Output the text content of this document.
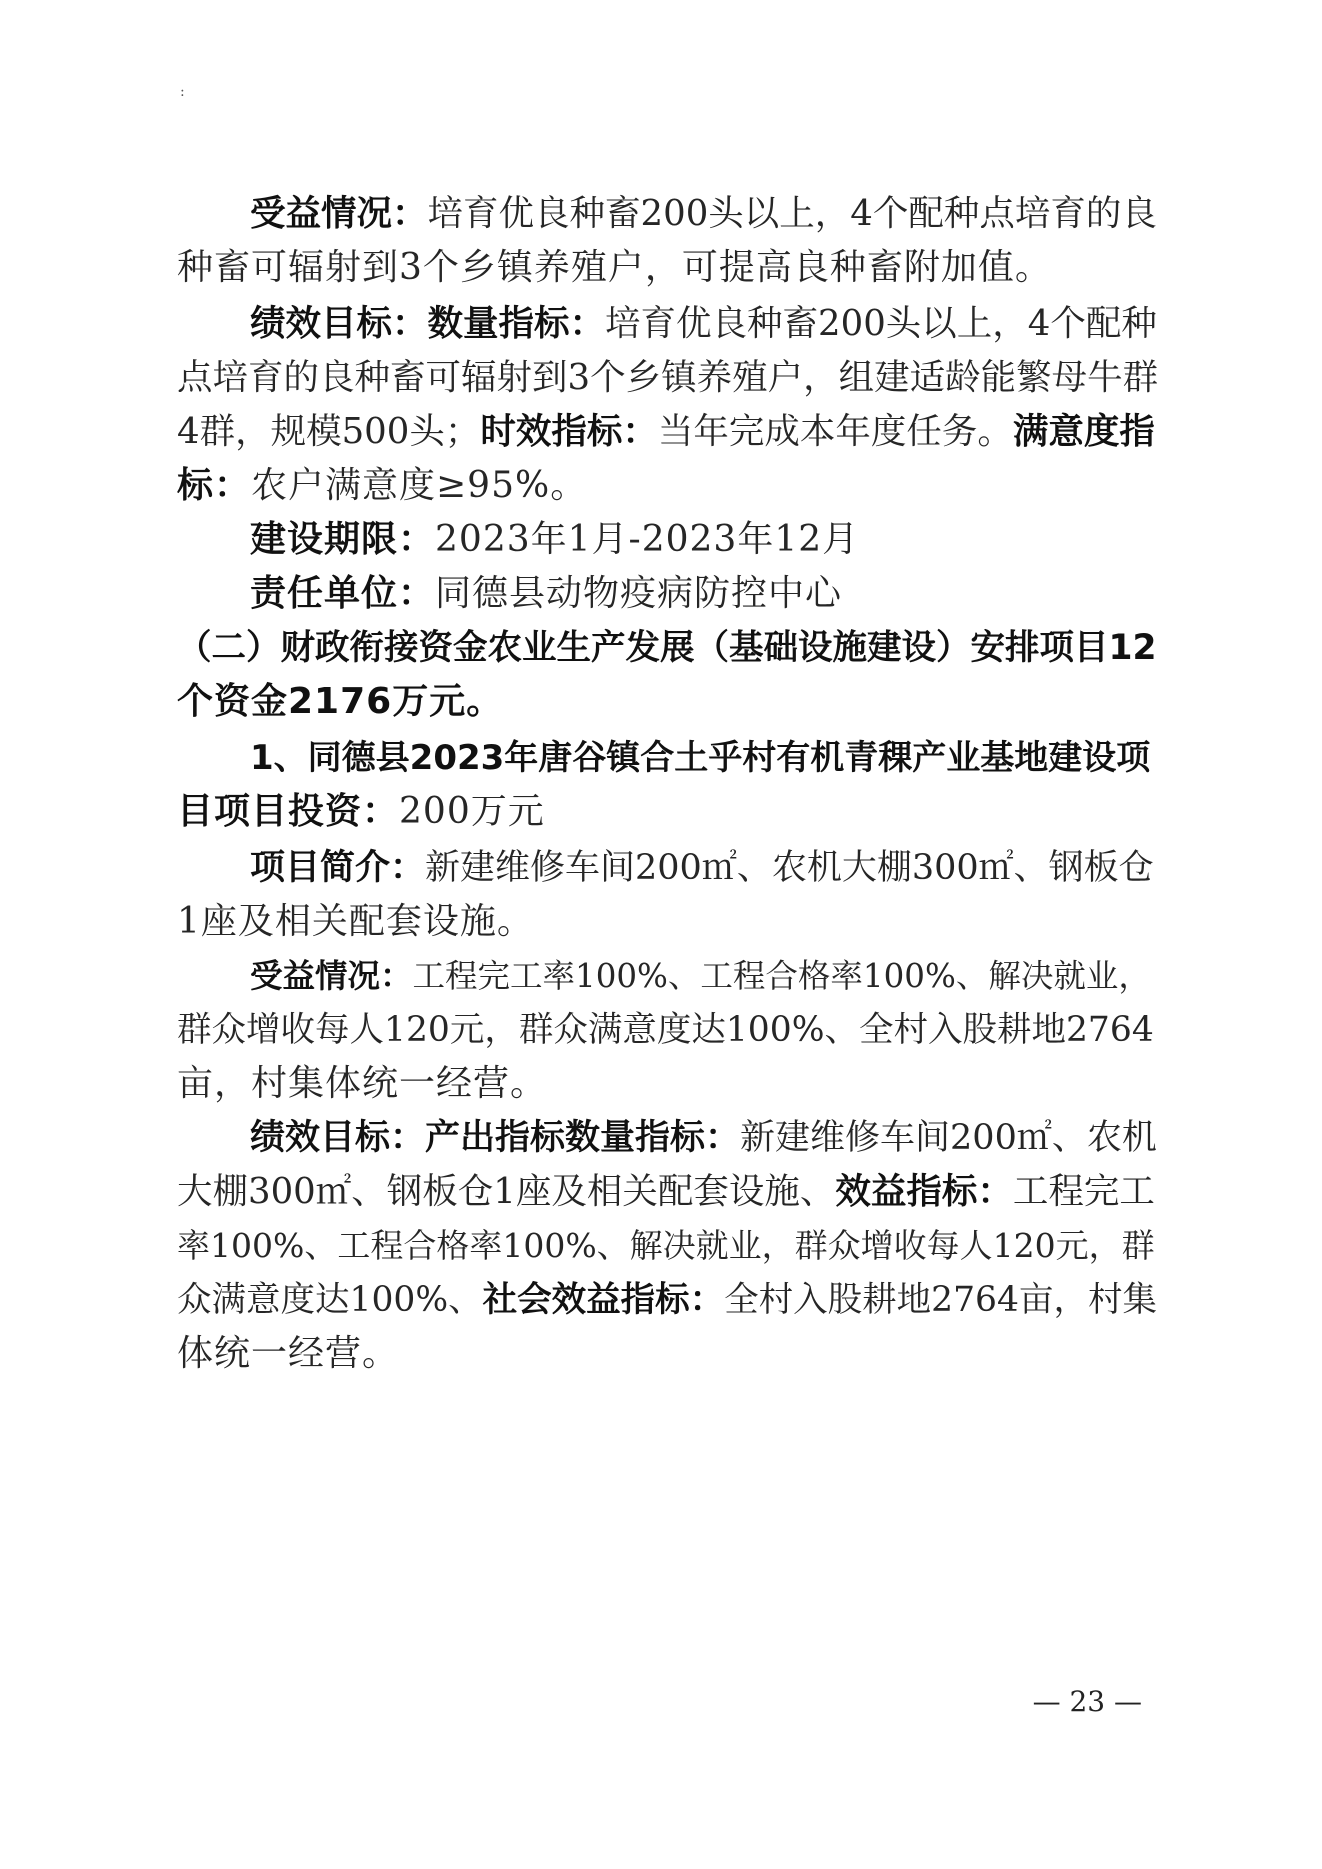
:
受益情况：培育优良种畜200头以上，4个配种点培育的良
种畜可辐射到3个乡镇养殖户，可提高良种畜附加值。
绩效目标：数量指标：培育优良种畜200头以上，4个配种
点培育的良种畜可辐射到3个乡镇养殖户，组建适龄能繁母牛群
4群，规模500头；时效指标：当年完成本年度任务。满意度指
标：农户满意度≥95%。
建设期限：2023年1月-2023年12月
责任单位：同德县动物疫病防控中心
（二）财政衔接资金农业生产发展（基础设施建设）安排项目12
个资金2176万元。
1、同德县2023年唐谷镇合土乎村有机青稞产业基地建设项
目项目投资：200万元
项目简介：新建维修车间200㎡、农机大棚300㎡、钢板仓
1座及相关配套设施。
受益情况：工程完工率100%、工程合格率100%、解决就业，
群众增收每人120元，群众满意度达100%、全村入股耕地2764
亩，村集体统一经营。
绩效目标：产出指标数量指标：新建维修车间200㎡、农机
大棚300㎡、钢板仓1座及相关配套设施、效益指标：工程完工
率100%、工程合格率100%、解决就业，群众增收每人120元，群
众满意度达100%、社会效益指标：全村入股耕地2764亩，村集
体统一经营。
— 23 —
